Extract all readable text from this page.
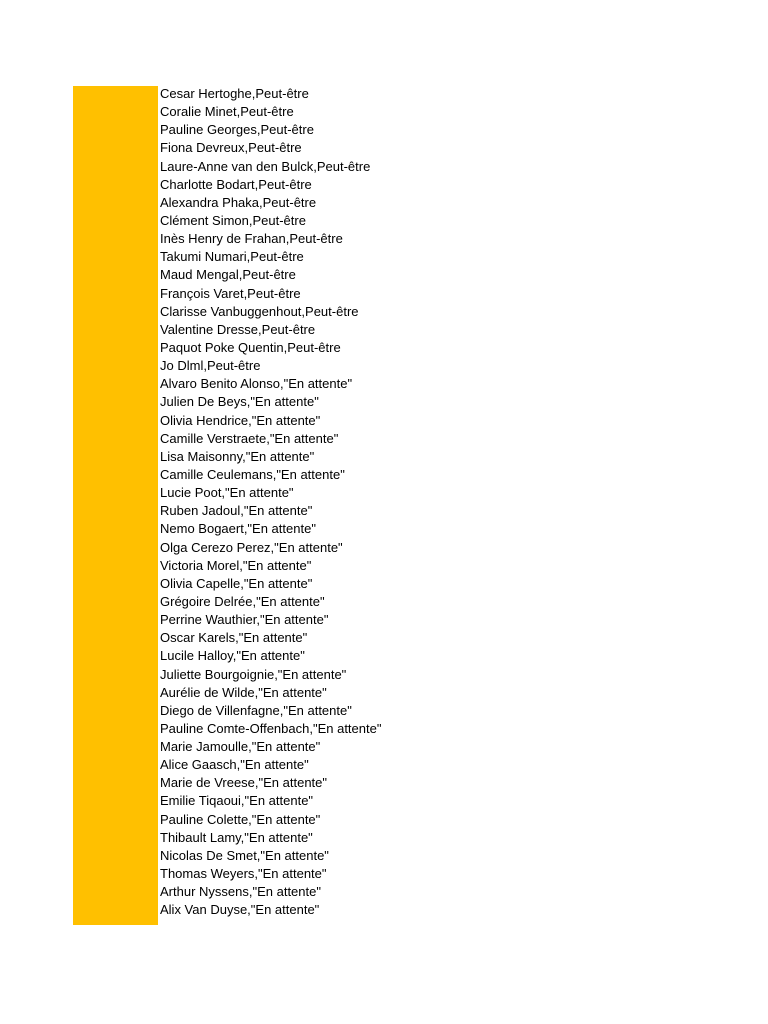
Cesar Hertoghe,Peut-être
Coralie Minet,Peut-être
Pauline Georges,Peut-être
Fiona Devreux,Peut-être
Laure-Anne van den Bulck,Peut-être
Charlotte Bodart,Peut-être
Alexandra Phaka,Peut-être
Clément Simon,Peut-être
Inès Henry de Frahan,Peut-être
Takumi Numari,Peut-être
Maud Mengal,Peut-être
François Varet,Peut-être
Clarisse Vanbuggenhout,Peut-être
Valentine Dresse,Peut-être
Paquot Poke Quentin,Peut-être
Jo Dlml,Peut-être
Alvaro Benito Alonso,"En attente"
Julien De Beys,"En attente"
Olivia Hendrice,"En attente"
Camille Verstraete,"En attente"
Lisa Maisonny,"En attente"
Camille Ceulemans,"En attente"
Lucie Poot,"En attente"
Ruben Jadoul,"En attente"
Nemo Bogaert,"En attente"
Olga Cerezo Perez,"En attente"
Victoria Morel,"En attente"
Olivia Capelle,"En attente"
Grégoire Delrée,"En attente"
Perrine Wauthier,"En attente"
Oscar Karels,"En attente"
Lucile Halloy,"En attente"
Juliette Bourgoignie,"En attente"
Aurélie de Wilde,"En attente"
Diego de Villenfagne,"En attente"
Pauline Comte-Offenbach,"En attente"
Marie Jamoulle,"En attente"
Alice Gaasch,"En attente"
Marie de Vreese,"En attente"
Emilie Tiqaoui,"En attente"
Pauline Colette,"En attente"
Thibault Lamy,"En attente"
Nicolas De Smet,"En attente"
Thomas Weyers,"En attente"
Arthur Nyssens,"En attente"
Alix Van Duyse,"En attente"
